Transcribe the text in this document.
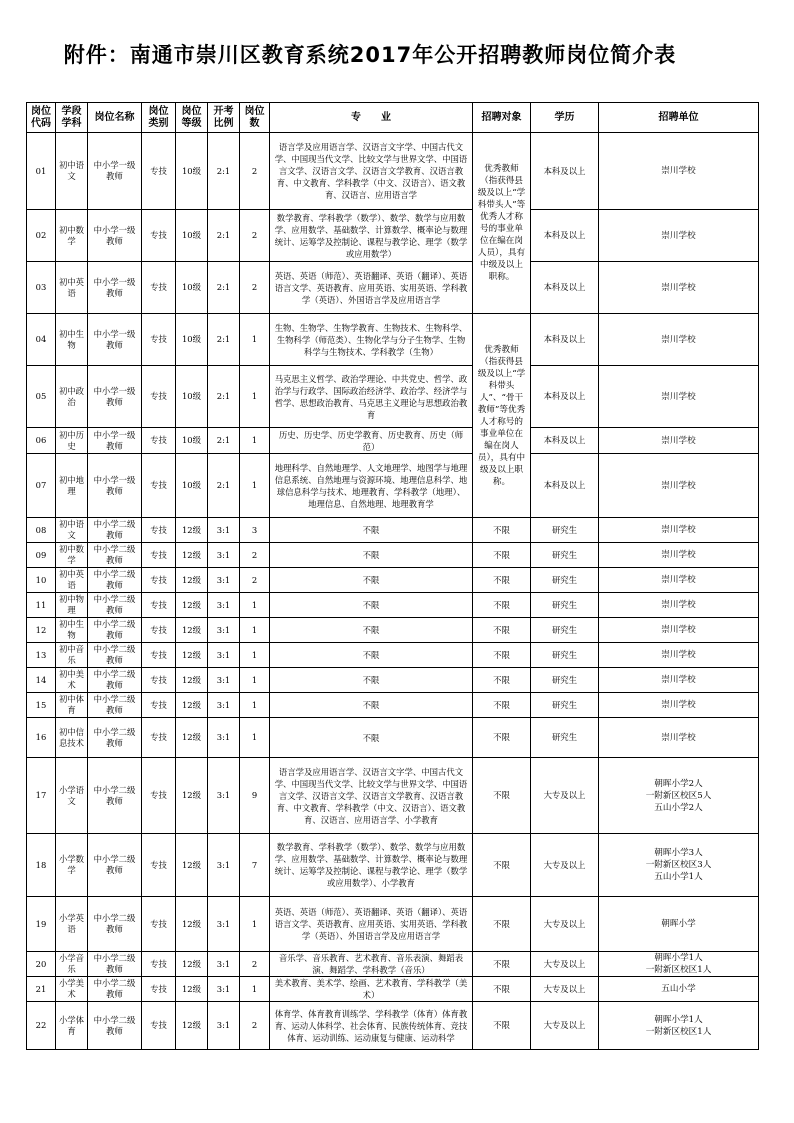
附件：南通市崇川区教育系统2017年公开招聘教师岗位简介表
岗位代码	学段学科	岗位名称	岗位类别	岗位等级	开考比例	岗位数	专　　业	招聘对象	学历	招聘单位
01	初中语文	中小学一级教师	专技	10级	2:1	2	语言学及应用语言学、汉语言文字学、中国古代文学、中国现当代文学、比较文学与世界文学、中国语言文学、汉语言文学、汉语言文学教育、汉语言教育、中文教育、学科教学（中文、汉语言）、语文教育、汉语言、应用语言学	优秀教师（指获得县级及以上“学科带头人”等优秀人才称号的事业单位在编在岗人员），具有中级及以上职称。	本科及以上	崇川学校
02	初中数学	中小学一级教师	专技	10级	2:1	2	数学教育、学科教学（数学）、数学、数学与应用数学、应用数学、基础数学、计算数学、概率论与数理统计、运筹学及控制论、课程与教学论、理学（数学或应用数学）		本科及以上	崇川学校
03	初中英语	中小学一级教师	专技	10级	2:1	2	英语、英语（师范）、英语翻译、英语（翻译）、英语语言文学、英语教育、应用英语、实用英语、学科教学（英语）、外国语言学及应用语言学		本科及以上	崇川学校
04	初中生物	中小学一级教师	专技	10级	2:1	1	生物、生物学、生物学教育、生物技术、生物科学、生物科学（师范类）、生物化学与分子生物学、生物科学与生物技术、学科教学（生物）	优秀教师（指获得县级及以上“学科带头人”、“骨干教师”等优秀人才称号的事业单位在编在岗人员），具有中级及以上职称。	本科及以上	崇川学校
05	初中政治	中小学一级教师	专技	10级	2:1	1	马克思主义哲学、政治学理论、中共党史、哲学、政治学与行政学、国际政治经济学、政治学、经济学与哲学、思想政治教育、马克思主义理论与思想政治教育		本科及以上	崇川学校
06	初中历史	中小学一级教师	专技	10级	2:1	1	历史、历史学、历史学教育、历史教育、历史（师范）		本科及以上	崇川学校
07	初中地理	中小学一级教师	专技	10级	2:1	1	地理科学、自然地理学、人文地理学、地图学与地理信息系统、自然地理与资源环境、地理信息科学、地球信息科学与技术、地理教育、学科教学（地理）、地理信息、自然地理、地理教育学		本科及以上	崇川学校
08	初中语文	中小学二级教师	专技	12级	3:1	3	不限	不限	研究生	崇川学校
09	初中数学	中小学二级教师	专技	12级	3:1	2	不限	不限	研究生	崇川学校
10	初中英语	中小学二级教师	专技	12级	3:1	2	不限	不限	研究生	崇川学校
11	初中物理	中小学二级教师	专技	12级	3:1	1	不限	不限	研究生	崇川学校
12	初中生物	中小学二级教师	专技	12级	3:1	1	不限	不限	研究生	崇川学校
13	初中音乐	中小学二级教师	专技	12级	3:1	1	不限	不限	研究生	崇川学校
14	初中美术	中小学二级教师	专技	12级	3:1	1	不限	不限	研究生	崇川学校
15	初中体育	中小学二级教师	专技	12级	3:1	1	不限	不限	研究生	崇川学校
16	初中信息技术	中小学二级教师	专技	12级	3:1	1	不限	不限	研究生	崇川学校
17	小学语文	中小学二级教师	专技	12级	3:1	9	语言学及应用语言学、汉语言文字学、中国古代文学、中国现当代文学、比较文学与世界文学、中国语言文学、汉语言文学、汉语言文学教育、汉语言教育、中文教育、学科教学（中文、汉语言）、语文教育、汉语言、应用语言学、小学教育	不限	大专及以上	朝晖小学2人
一附新区校区5人
五山小学2人
18	小学数学	中小学二级教师	专技	12级	3:1	7	数学教育、学科教学（数学）、数学、数学与应用数学、应用数学、基础数学、计算数学、概率论与数理统计、运筹学及控制论、课程与教学论、理学（数学或应用数学）、小学教育	不限	大专及以上	朝晖小学3人
一附新区校区3人
五山小学1人
19	小学英语	中小学二级教师	专技	12级	3:1	1	英语、英语（师范）、英语翻译、英语（翻译）、英语语言文学、英语教育、应用英语、实用英语、学科教学（英语）、外国语言学及应用语言学	不限	大专及以上	朝晖小学
20	小学音乐	中小学二级教师	专技	12级	3:1	2	音乐学、音乐教育、艺术教育、音乐表演、舞蹈表演、舞蹈学、学科教学（音乐）	不限	大专及以上	朝晖小学1人
一附新区校区1人
21	小学美术	中小学二级教师	专技	12级	3:1	1	美术教育、美术学、绘画、艺术教育、学科教学（美术）	不限	大专及以上	五山小学
22	小学体育	中小学二级教师	专技	12级	3:1	2	体育学、体育教育训练学、学科教学（体育）体育教育、运动人体科学、社会体育、民族传统体育、竞技体育、运动训练、运动康复与健康、运动科学	不限	大专及以上	朝晖小学1人
一附新区校区1人
